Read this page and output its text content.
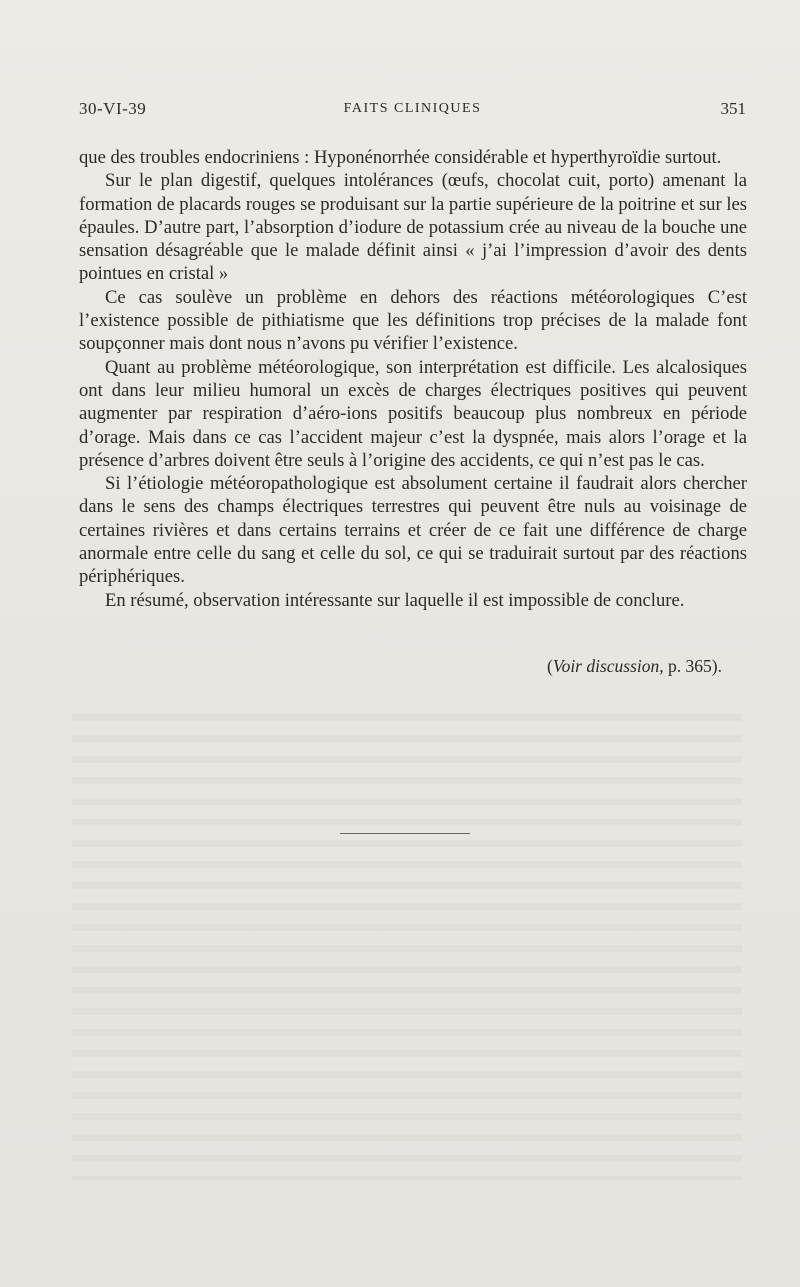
30-VI-39	FAITS CLINIQUES	351

que des troubles endocriniens : Hyponénorrhée considérable et hyperthyroïdie surtout.

Sur le plan digestif, quelques intolérances (œufs, chocolat cuit, porto) amenant la formation de placards rouges se produisant sur la partie supérieure de la poitrine et sur les épaules. D’autre part, l’absorption d’iodure de potassium crée au niveau de la bouche une sensation désagréable que le malade définit ainsi « j’ai l’impression d’avoir des dents pointues en cristal »

Ce cas soulève un problème en dehors des réactions météorologiques C’est l’existence possible de pithiatisme que les définitions trop précises de la malade font soupçonner mais dont nous n’avons pu vérifier l’existence.

Quant au problème météorologique, son interprétation est difficile. Les alcalosiques ont dans leur milieu humoral un excès de charges électriques positives qui peuvent augmenter par respiration d’aéro-ions positifs beaucoup plus nombreux en période d’orage. Mais dans ce cas l’accident majeur c’est la dyspnée, mais alors l’orage et la présence d’arbres doivent être seuls à l’origine des accidents, ce qui n’est pas le cas.

Si l’étiologie météoropathologique est absolument certaine il faudrait alors chercher dans le sens des champs électriques terrestres qui peuvent être nuls au voisinage de certaines rivières et dans certains terrains et créer de ce fait une différence de charge anormale entre celle du sang et celle du sol, ce qui se traduirait surtout par des réactions périphériques.

En résumé, observation intéressante sur laquelle il est impossible de conclure.

(Voir discussion, p. 365).
